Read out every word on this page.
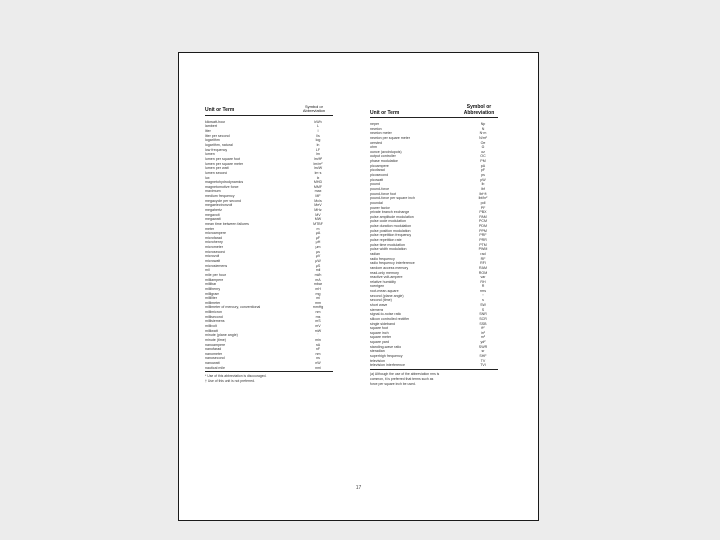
Unit or Term
Symbol or Abbreviation
kilowatt-hour	kWh
lambert	L
liter	l
liter per second	l/s
logarithm	log
logarithm, natural	ln
low frequency	LF
lumen	lm
lumen per square foot	lm/ft²
lumen per square meter	lm/m²
lumen per watt	lm/W
lumen second	lm·s
lux	lx
magnetohydrodynamics	MHD
magnetomotive force	MMF
maximum	max
medium frequency	MF
megacycle per second	Mc/s
megaelectronvolt	MeV
megahertz	MHz
megavolt	MV
megawatt	MW
mean time between failures	MTBF
meter	m
microampere	μA
microfarad	μF
microhenry	μH
micrometer	μm
microsecond	μs
microvolt	μV
microwatt	μW
microsiemens	μS
mil	mil
mile per hour	mi/h
milliampere	mA
millibar	mbar
millihenry	mH
milligram	mg
milliliter	ml
millimeter	mm
millimeter of mercury, conventional	mmHg
millimicron	nm
millisecond	ms
millisiemens	mS
millivolt	mV
milliwatt	mW
minute (plane angle)	'
minute (time)	min
nanoampere	nA
nanofarad	nF
nanometer	nm
nanosecond	ns
nanowatt	nW
nautical mile	nmi
* Use of this abbreviation is discouraged.
† Use of this unit is not preferred.
Unit or Term
Symbol or Abbreviation
neper	Np
newton	N
newton meter	N·m
newton per square meter	N/m²
oersted	Oe
ohm	Ω
ounce (avoirdupois)	oz
output controller	OC
phase modulation	PM
picoampere	pA
picofarad	pF
picosecond	ps
picowatt	pW
pound	lb
pound-force	lbf
pound-force foot	lbf·ft
pound-force per square inch	lbf/in²
poundal	pdl
power factor	PF
private branch exchange	PBX
pulse amplitude modulation	PAM
pulse code modulation	PCM
pulse duration modulation	PDM
pulse position modulation	PPM
pulse repetition frequency	PRF
pulse repetition rate	PRR
pulse time modulation	PTM
pulse width modulation	PWM
radian	rad
radio frequency	RF
radio frequency interference	RFI
random access memory	RAM
read-only memory	ROM
reactive volt-ampere	var
relative humidity	RH
roentgen	R
root-mean-square	rms
second (plane angle)	"
second (time)	s
short wave	SW
siemens	S
signal-to-noise ratio	SNR
silicon controlled rectifier	SCR
single sideband	SSB
square foot	ft²
square inch	in²
square meter	m²
square yard	yd²
standing-wave ratio	SWR
steradian	sr
superhigh frequency	SHF
television	TV
television interference	TVI
(a) Although the use of the abbreviation rms is
common, it is preferred that terms such as
force per square inch be used.
17
